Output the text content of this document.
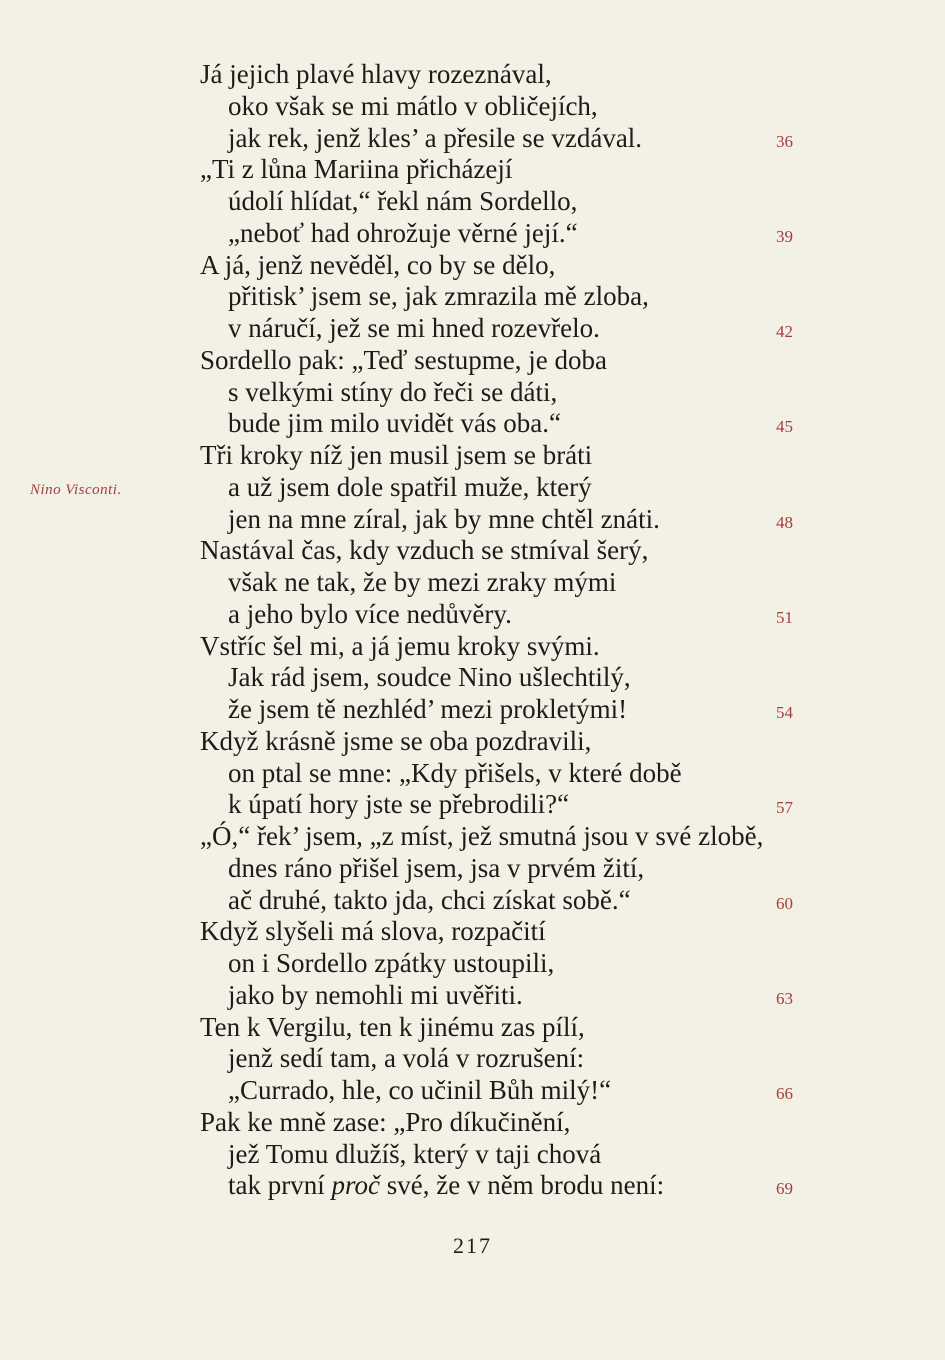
Nino Visconti.
Já jejich plavé hlavy rozeznával,
oko však se mi mátlo v obličejích,
jak rek, jenž kles’ a přesile se vzdával.
„Ti z lůna Mariina přicházejí
údolí hlídat,“ řekl nám Sordello,
„neboť had ohrožuje věrné její.“
A já, jenž nevěděl, co by se dělo,
přitisk’ jsem se, jak zmrazila mě zloba,
v náručí, jež se mi hned rozevřelo.
Sordello pak: „Teď sestupme, je doba
s velkými stíny do řeči se dáti,
bude jim milo uvidět vás oba.“
Tři kroky níž jen musil jsem se bráti
a už jsem dole spatřil muže, který
jen na mne zíral, jak by mne chtěl znáti.
Nastával čas, kdy vzduch se stmíval šerý,
však ne tak, že by mezi zraky mými
a jeho bylo více nedůvěry.
Vstříc šel mi, a já jemu kroky svými.
Jak rád jsem, soudce Nino ušlechtilý,
že jsem tě nezhléd’ mezi prokletými!
Když krásně jsme se oba pozdravili,
on ptal se mne: „Kdy přišels, v které době
k úpatí hory jste se přebrodili?“
„Ó,“ řek’ jsem, „z míst, jež smutná jsou v své zlobě,
dnes ráno přišel jsem, jsa v prvém žití,
ač druhé, takto jda, chci získat sobě.“
Když slyšeli má slova, rozpačití
on i Sordello zpátky ustoupili,
jako by nemohli mi uvěřiti.
Ten k Vergilu, ten k jinému zas pílí,
jenž sedí tam, a volá v rozrušení:
„Currado, hle, co učinil Bůh milý!“
Pak ke mně zase: „Pro díkučinění,
jež Tomu dlužíš, který v taji chová
tak první proč své, že v něm brodu není:
36
39
42
45
48
51
54
57
60
63
66
69
217
